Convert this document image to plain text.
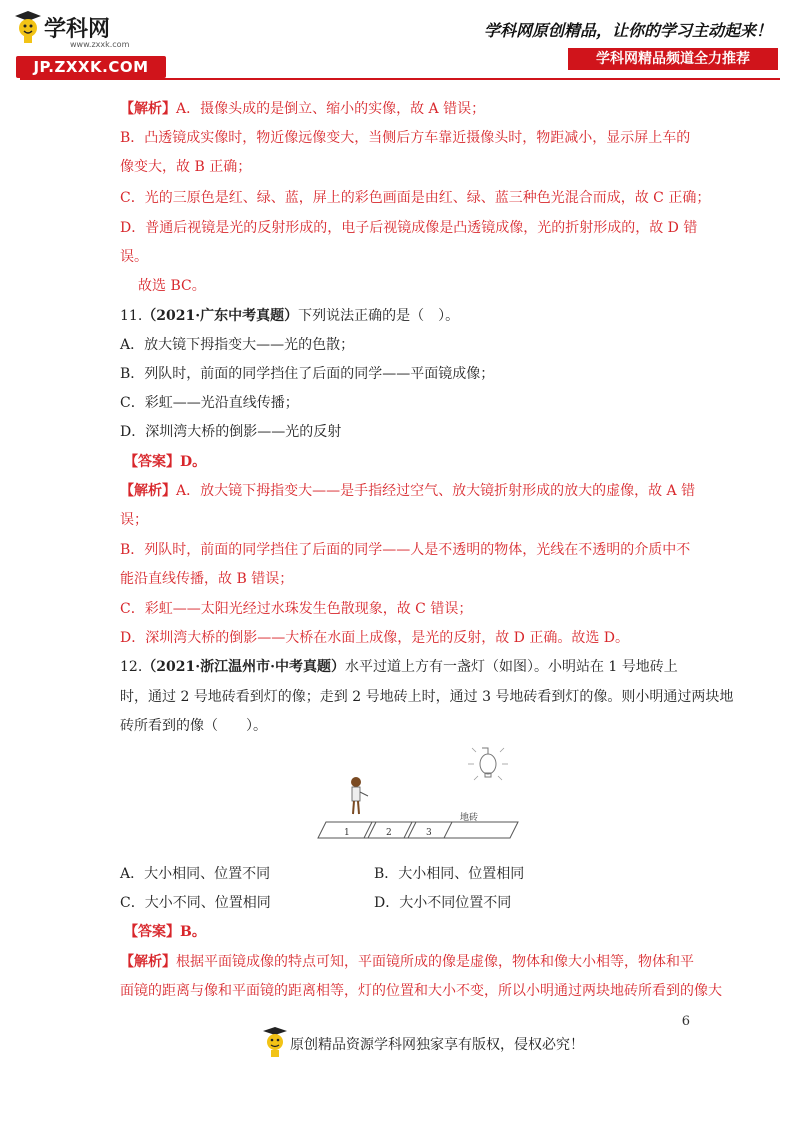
学科网
www.zxxk.com
JP.ZXXK.COM
学科网原创精品，让你的学习主动起来！
学科网精品频道全力推荐
【解析】A．摄像头成的是倒立、缩小的实像，故 A 错误；
B．凸透镜成实像时，物近像远像变大，当侧后方车靠近摄像头时，物距减小，显示屏上车的
像变大，故 B 正确；
C．光的三原色是红、绿、蓝，屏上的彩色画面是由红、绿、蓝三种色光混合而成，故 C 正确；
D．普通后视镜是光的反射形成的，电子后视镜成像是凸透镜成像，光的折射形成的，故 D 错
误。
故选 BC。
11.（2021·广东中考真题）下列说法正确的是（　）。
A．放大镜下拇指变大——光的色散；
B．列队时，前面的同学挡住了后面的同学——平面镜成像；
C．彩虹——光沿直线传播；
D．深圳湾大桥的倒影——光的反射
【答案】D。
【解析】A．放大镜下拇指变大——是手指经过空气、放大镜折射形成的放大的虚像，故 A 错
误；
B．列队时，前面的同学挡住了后面的同学——人是不透明的物体，光线在不透明的介质中不
能沿直线传播，故 B 错误；
C．彩虹——太阳光经过水珠发生色散现象，故 C 错误；
D．深圳湾大桥的倒影——大桥在水面上成像，是光的反射，故 D 正确。故选 D。
12.（2021·浙江温州市·中考真题）水平过道上方有一盏灯（如图）。小明站在 1 号地砖上
时，通过 2 号地砖看到灯的像；走到 2 号地砖上时，通过 3 号地砖看到灯的像。则小明通过两块地
砖所看到的像（　　）。
1	2	3
地砖
A．大小相同、位置不同	B．大小相同、位置相同
C．大小不同、位置相同	D．大小不同位置不同
【答案】B。
【解析】根据平面镜成像的特点可知，平面镜所成的像是虚像，物体和像大小相等，物体和平
面镜的距离与像和平面镜的距离相等，灯的位置和大小不变，所以小明通过两块地砖所看到的像大
6
原创精品资源学科网独家享有版权，侵权必究！
